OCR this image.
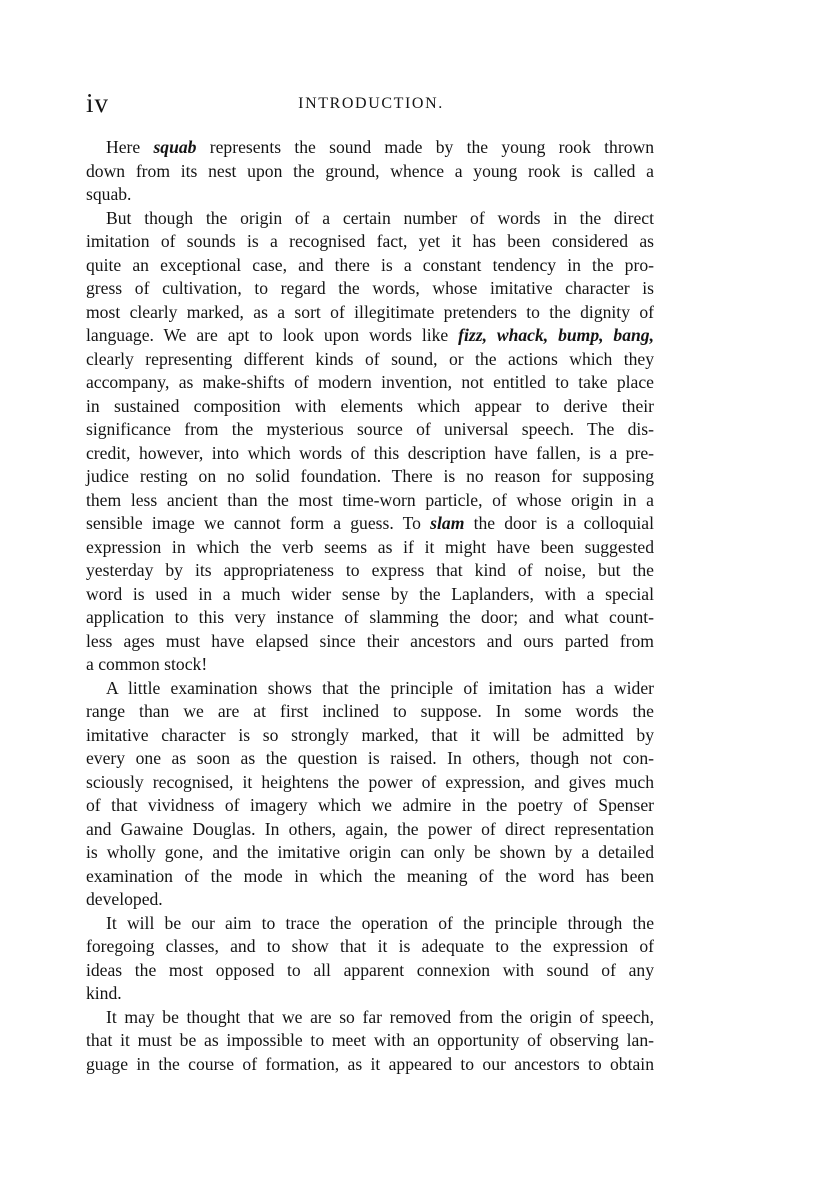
iv	INTRODUCTION.
Here squab represents the sound made by the young rook thrown
down from its nest upon the ground, whence a young rook is called a
squab.
But though the origin of a certain number of words in the direct
imitation of sounds is a recognised fact, yet it has been considered as
quite an exceptional case, and there is a constant tendency in the pro-
gress of cultivation, to regard the words, whose imitative character is
most clearly marked, as a sort of illegitimate pretenders to the dignity of
language. We are apt to look upon words like fizz, whack, bump, bang,
clearly representing different kinds of sound, or the actions which they
accompany, as make-shifts of modern invention, not entitled to take place
in sustained composition with elements which appear to derive their
significance from the mysterious source of universal speech. The dis-
credit, however, into which words of this description have fallen, is a pre-
judice resting on no solid foundation. There is no reason for supposing
them less ancient than the most time-worn particle, of whose origin in a
sensible image we cannot form a guess. To slam the door is a colloquial
expression in which the verb seems as if it might have been suggested
yesterday by its appropriateness to express that kind of noise, but the
word is used in a much wider sense by the Laplanders, with a special
application to this very instance of slamming the door; and what count-
less ages must have elapsed since their ancestors and ours parted from
a common stock!
A little examination shows that the principle of imitation has a wider
range than we are at first inclined to suppose. In some words the
imitative character is so strongly marked, that it will be admitted by
every one as soon as the question is raised. In others, though not con-
sciously recognised, it heightens the power of expression, and gives much
of that vividness of imagery which we admire in the poetry of Spenser
and Gawaine Douglas. In others, again, the power of direct representation
is wholly gone, and the imitative origin can only be shown by a detailed
examination of the mode in which the meaning of the word has been
developed.
It will be our aim to trace the operation of the principle through the
foregoing classes, and to show that it is adequate to the expression of
ideas the most opposed to all apparent connexion with sound of any
kind.
It may be thought that we are so far removed from the origin of speech,
that it must be as impossible to meet with an opportunity of observing lan-
guage in the course of formation, as it appeared to our ancestors to obtain
